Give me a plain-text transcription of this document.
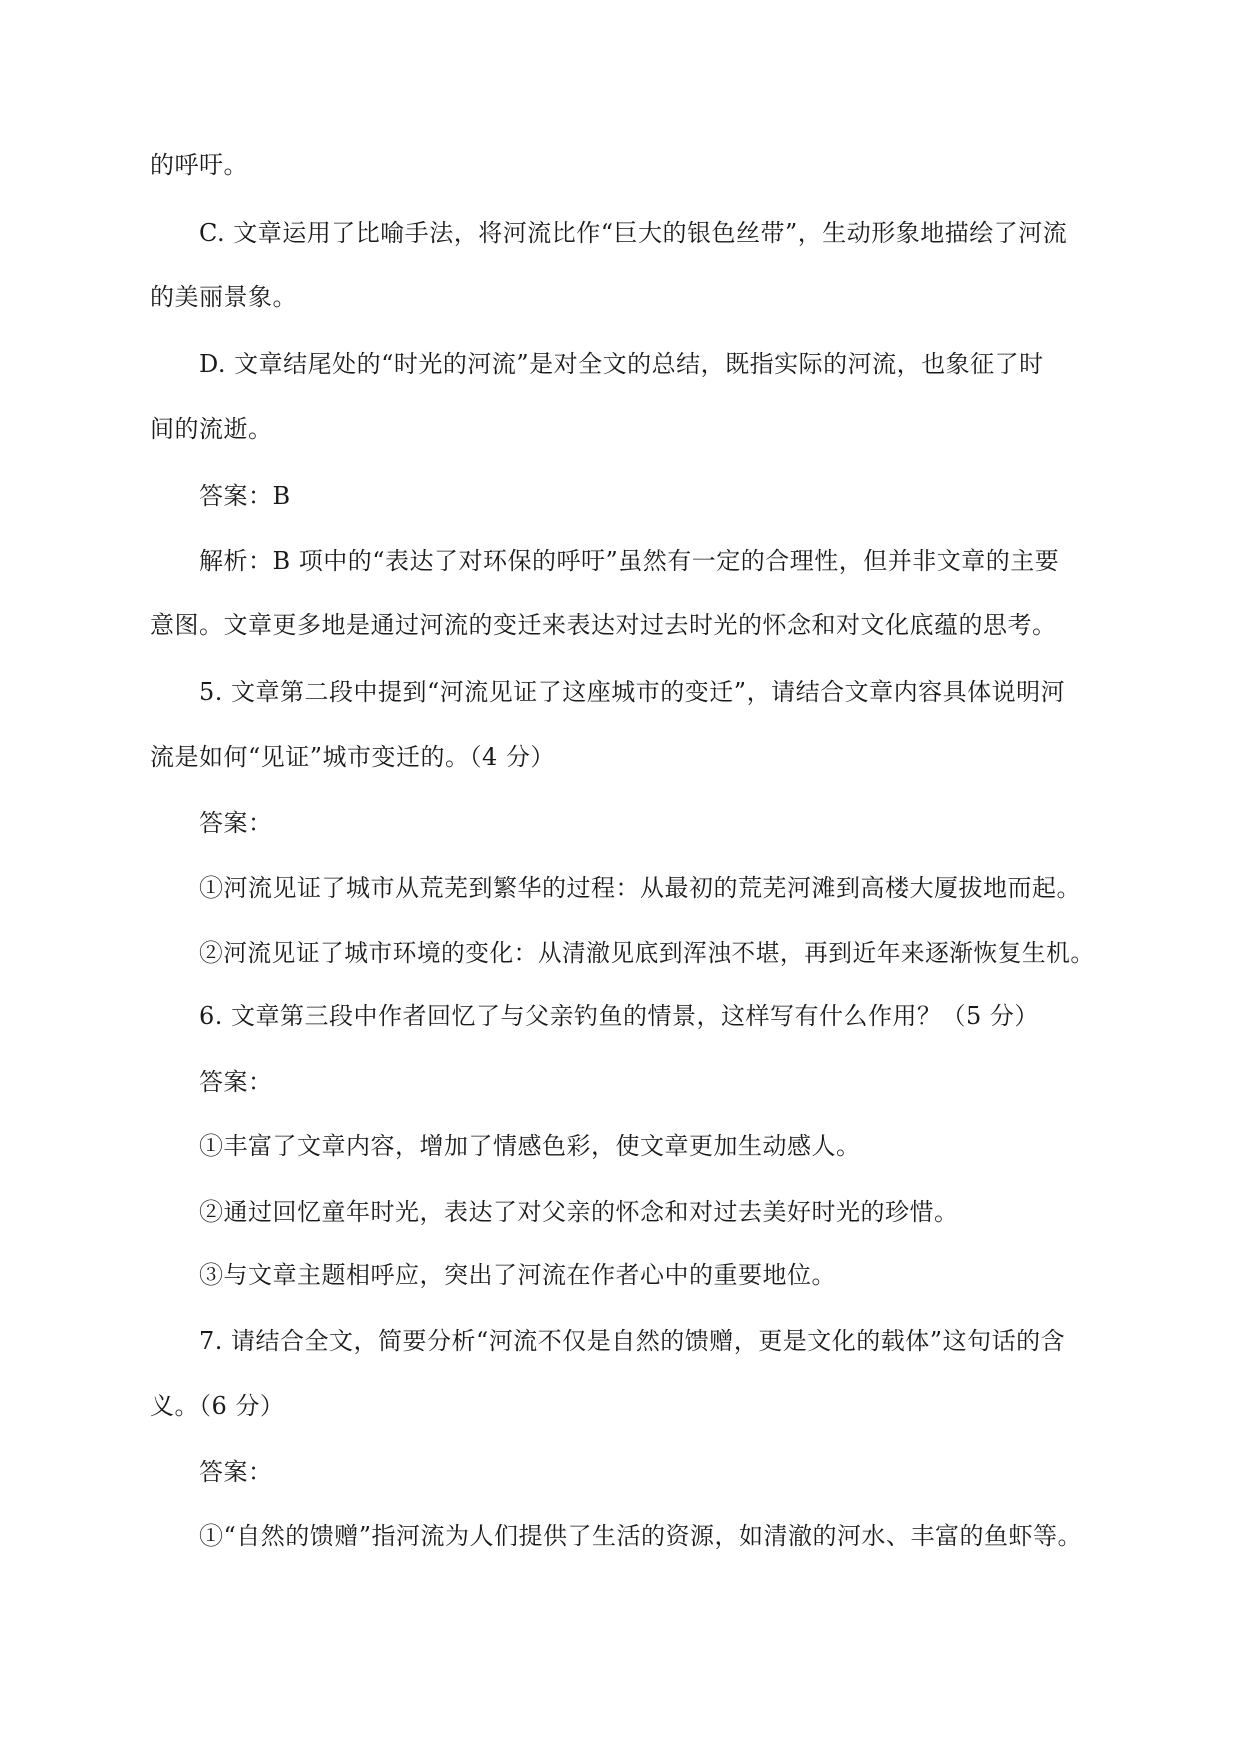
的呼吁。
C. 文章运用了比喻手法，将河流比作“巨大的银色丝带”，生动形象地描绘了河流
的美丽景象。
D. 文章结尾处的“时光的河流”是对全文的总结，既指实际的河流，也象征了时
间的流逝。
答案：B
解析：B 项中的“表达了对环保的呼吁”虽然有一定的合理性，但并非文章的主要
意图。文章更多地是通过河流的变迁来表达对过去时光的怀念和对文化底蕴的思考。
5. 文章第二段中提到“河流见证了这座城市的变迁”，请结合文章内容具体说明河
流是如何“见证”城市变迁的。（4 分）
答案：
①河流见证了城市从荒芜到繁华的过程：从最初的荒芜河滩到高楼大厦拔地而起。
②河流见证了城市环境的变化：从清澈见底到浑浊不堪，再到近年来逐渐恢复生机。
6. 文章第三段中作者回忆了与父亲钓鱼的情景，这样写有什么作用？（5 分）
答案：
①丰富了文章内容，增加了情感色彩，使文章更加生动感人。
②通过回忆童年时光，表达了对父亲的怀念和对过去美好时光的珍惜。
③与文章主题相呼应，突出了河流在作者心中的重要地位。
7. 请结合全文，简要分析“河流不仅是自然的馈赠，更是文化的载体”这句话的含
义。（6 分）
答案：
①“自然的馈赠”指河流为人们提供了生活的资源，如清澈的河水、丰富的鱼虾等。
